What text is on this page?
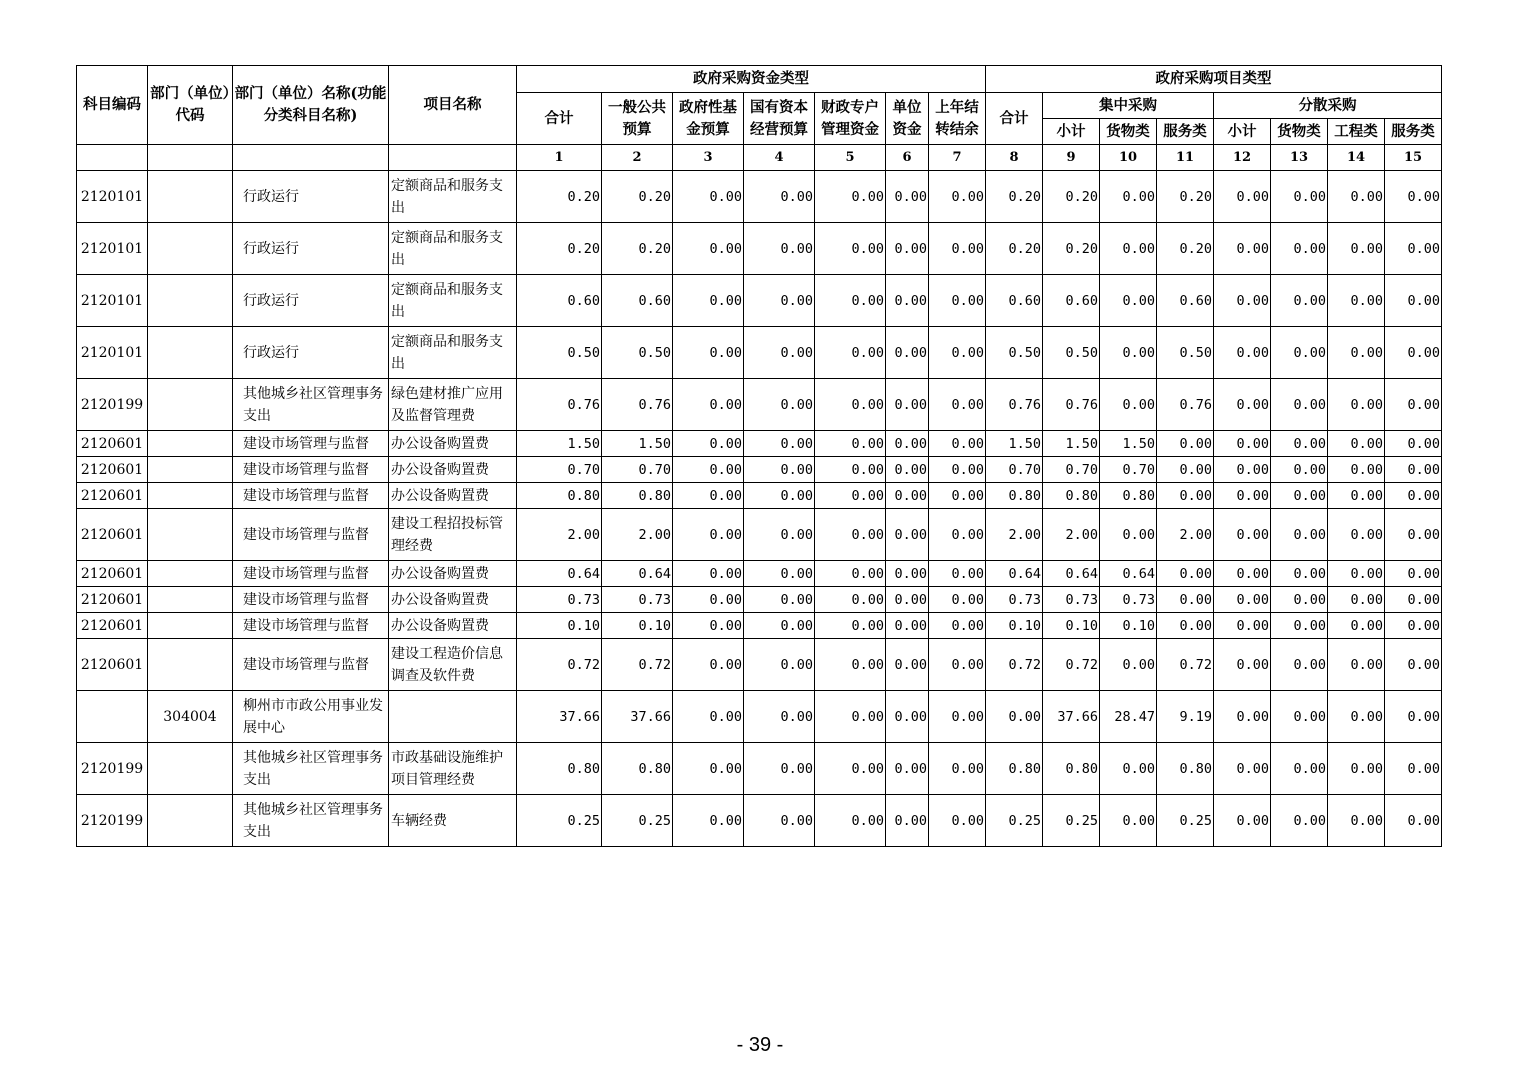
科目编码	部门（单位）代码	部门（单位）名称(功能分类科目名称)	项目名称	政府采购资金类型							政府采购项目类型							
				合计	一般公共预算	政府性基金预算	国有资本经营预算	财政专户管理资金	单位资金	上年结转结余	合计	集中采购			分散采购			
												小计	货物类	服务类	小计	货物类	工程类	服务类
				1	2	3	4	5	6	7	8	9	10	11	12	13	14	15
2120101		行政运行	定额商品和服务支出	0.20	0.20	0.00	0.00	0.00	0.00	0.00	0.20	0.20	0.00	0.20	0.00	0.00	0.00	0.00
2120101		行政运行	定额商品和服务支出	0.20	0.20	0.00	0.00	0.00	0.00	0.00	0.20	0.20	0.00	0.20	0.00	0.00	0.00	0.00
2120101		行政运行	定额商品和服务支出	0.60	0.60	0.00	0.00	0.00	0.00	0.00	0.60	0.60	0.00	0.60	0.00	0.00	0.00	0.00
2120101		行政运行	定额商品和服务支出	0.50	0.50	0.00	0.00	0.00	0.00	0.00	0.50	0.50	0.00	0.50	0.00	0.00	0.00	0.00
2120199		其他城乡社区管理事务支出	绿色建材推广应用及监督管理费	0.76	0.76	0.00	0.00	0.00	0.00	0.00	0.76	0.76	0.00	0.76	0.00	0.00	0.00	0.00
2120601		建设市场管理与监督	办公设备购置费	1.50	1.50	0.00	0.00	0.00	0.00	0.00	1.50	1.50	1.50	0.00	0.00	0.00	0.00	0.00
2120601		建设市场管理与监督	办公设备购置费	0.70	0.70	0.00	0.00	0.00	0.00	0.00	0.70	0.70	0.70	0.00	0.00	0.00	0.00	0.00
2120601		建设市场管理与监督	办公设备购置费	0.80	0.80	0.00	0.00	0.00	0.00	0.00	0.80	0.80	0.80	0.00	0.00	0.00	0.00	0.00
2120601		建设市场管理与监督	建设工程招投标管理经费	2.00	2.00	0.00	0.00	0.00	0.00	0.00	2.00	2.00	0.00	2.00	0.00	0.00	0.00	0.00
2120601		建设市场管理与监督	办公设备购置费	0.64	0.64	0.00	0.00	0.00	0.00	0.00	0.64	0.64	0.64	0.00	0.00	0.00	0.00	0.00
2120601		建设市场管理与监督	办公设备购置费	0.73	0.73	0.00	0.00	0.00	0.00	0.00	0.73	0.73	0.73	0.00	0.00	0.00	0.00	0.00
2120601		建设市场管理与监督	办公设备购置费	0.10	0.10	0.00	0.00	0.00	0.00	0.00	0.10	0.10	0.10	0.00	0.00	0.00	0.00	0.00
2120601		建设市场管理与监督	建设工程造价信息调查及软件费	0.72	0.72	0.00	0.00	0.00	0.00	0.00	0.72	0.72	0.00	0.72	0.00	0.00	0.00	0.00
	304004	柳州市市政公用事业发展中心		37.66	37.66	0.00	0.00	0.00	0.00	0.00	0.00	37.66	28.47	9.19	0.00	0.00	0.00	0.00
2120199		其他城乡社区管理事务支出	市政基础设施维护项目管理经费	0.80	0.80	0.00	0.00	0.00	0.00	0.00	0.80	0.80	0.00	0.80	0.00	0.00	0.00	0.00
2120199		其他城乡社区管理事务支出	车辆经费	0.25	0.25	0.00	0.00	0.00	0.00	0.00	0.25	0.25	0.00	0.25	0.00	0.00	0.00	0.00
- 39 -
